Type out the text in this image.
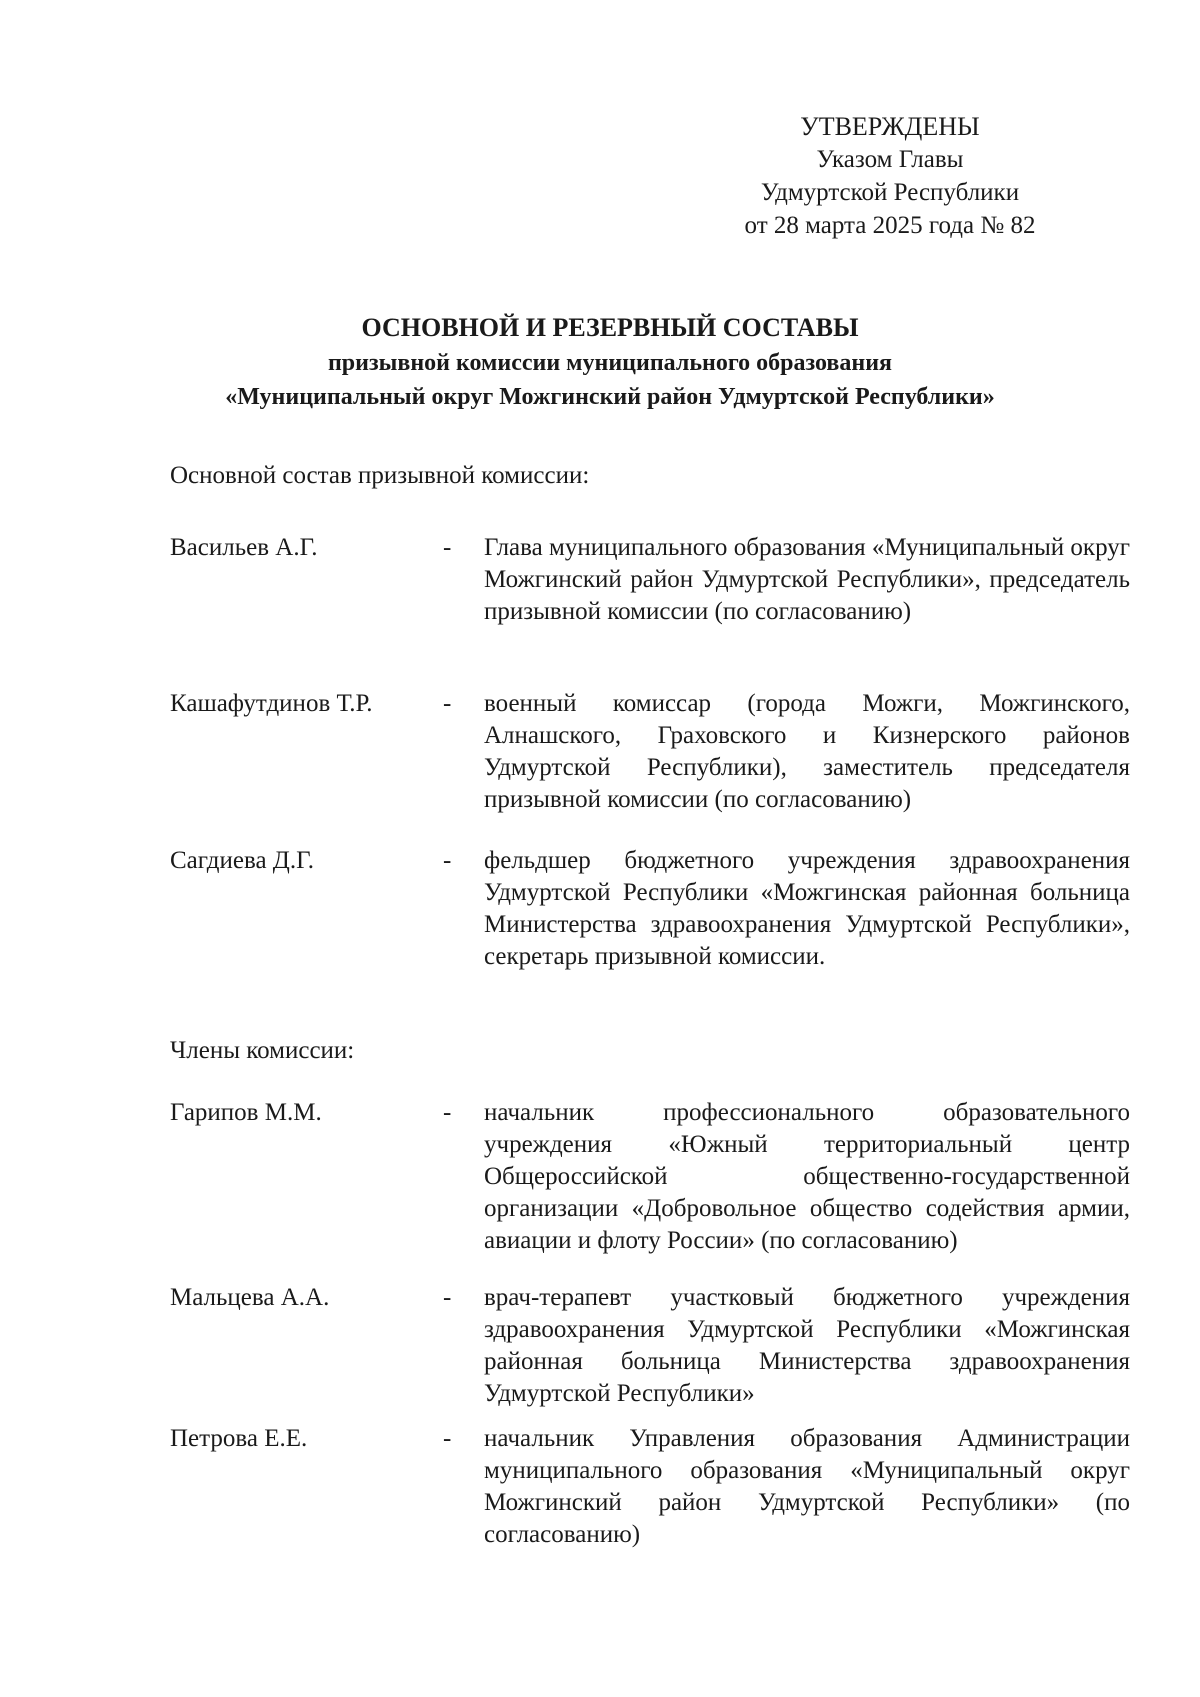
УТВЕРЖДЕНЫ
Указом Главы
Удмуртской Республики
от 28 марта 2025 года № 82
ОСНОВНОЙ И РЕЗЕРВНЫЙ СОСТАВЫ
призывной комиссии муниципального образования
«Муниципальный округ Можгинский район Удмуртской Республики»
Основной состав призывной комиссии:
Васильев А.Г.	- Глава муниципального образования «Муниципальный округ Можгинский район Удмуртской Республики», председатель призывной комиссии (по согласованию)
Кашафутдинов Т.Р.	- военный комиссар (города Можги, Можгинского, Алнашского, Граховского и Кизнерского районов Удмуртской Республики), заместитель председателя призывной комиссии (по согласованию)
Сагдиева Д.Г.	- фельдшер бюджетного учреждения здравоохранения Удмуртской Республики «Можгинская районная больница Министерства здравоохранения Удмуртской Республики», секретарь призывной комиссии.
Члены комиссии:
Гарипов М.М.	- начальник профессионального образовательного учреждения «Южный территориальный центр Общероссийской общественно-государственной организации «Добровольное общество содействия армии, авиации и флоту России» (по согласованию)
Мальцева А.А.	- врач-терапевт участковый бюджетного учреждения здравоохранения Удмуртской Республики «Можгинская районная больница Министерства здравоохранения Удмуртской Республики»
Петрова Е.Е.	- начальник Управления образования Администрации муниципального образования «Муниципальный округ Можгинский район Удмуртской Республики» (по согласованию)
